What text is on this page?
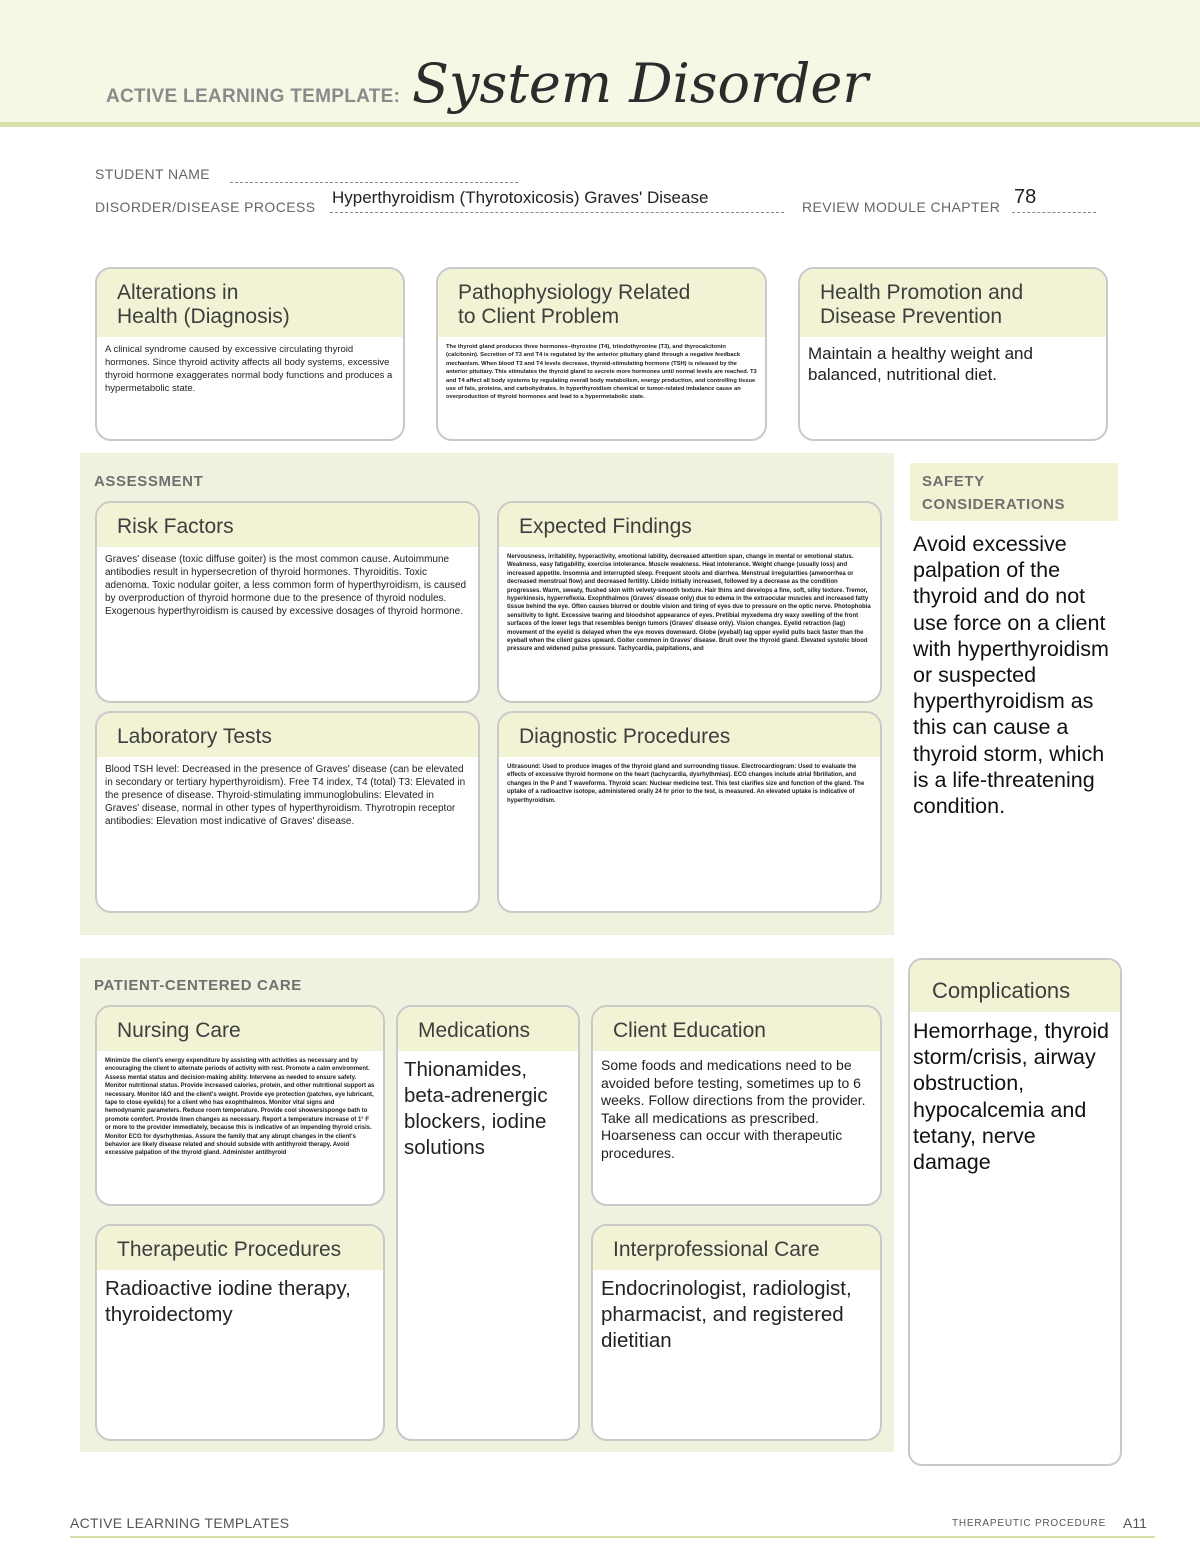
ACTIVE LEARNING TEMPLATE: System Disorder
STUDENT NAME
DISORDER/DISEASE PROCESS Hyperthyroidism (Thyrotoxicosis) Graves' Disease	REVIEW MODULE CHAPTER 78
Alterations in
Health (Diagnosis)
A clinical syndrome caused by excessive circulating thyroid hormones. Since thyroid activity affects all body systems, excessive thyroid hormone exaggerates normal body functions and produces a hypermetabolic state.
Pathophysiology Related
to Client Problem
The thyroid gland produces three hormones–thyroxine (T4), triiodothyronine (T3), and thyrocalcitonin (calcitonin). Secretion of T3 and T4 is regulated by the anterior pituitary gland through a negative feedback mechanism. When blood T3 and T4 levels decrease, thyroid-stimulating hormone (TSH) is released by the anterior pituitary. This stimulates the thyroid gland to secrete more hormones until normal levels are reached. T3 and T4 affect all body systems by regulating overall body metabolism, energy production, and controlling tissue use of fats, proteins, and carbohydrates. In hyperthyroidism chemical or tumor-related imbalance cause an overproduction of thyroid hormones and lead to a hypermetabolic state.
Health Promotion and
Disease Prevention
Maintain a healthy weight and balanced, nutritional diet.
ASSESSMENT
Risk Factors
Graves' disease (toxic diffuse goiter) is the most common cause. Autoimmune antibodies result in hypersecretion of thyroid hormones. Thyroiditis. Toxic adenoma. Toxic nodular goiter, a less common form of hyperthyroidism, is caused by overproduction of thyroid hormone due to the presence of thyroid nodules. Exogenous hyperthyroidism is caused by excessive dosages of thyroid hormone.
Expected Findings
Nervousness, irritability, hyperactivity, emotional lability, decreased attention span, change in mental or emotional status. Weakness, easy fatigability, exercise intolerance. Muscle weakness. Heat intolerance. Weight change (usually loss) and increased appetite. Insomnia and interrupted sleep. Frequent stools and diarrhea. Menstrual irregularities (amenorrhea or decreased menstrual flow) and decreased fertility. Libido initially increased, followed by a decrease as the condition progresses. Warm, sweaty, flushed skin with velvety-smooth texture. Hair thins and develops a fine, soft, silky texture. Tremor, hyperkinesis, hyperreflexia. Exophthalmos (Graves' disease only) due to edema in the extraocular muscles and increased fatty tissue behind the eye. Often causes blurred or double vision and tiring of eyes due to pressure on the optic nerve. Photophobia sensitivity to light. Excessive tearing and bloodshot appearance of eyes. Pretibial myxedema dry waxy swelling of the front surfaces of the lower legs that resembles benign tumors (Graves' disease only). Vision changes. Eyelid retraction (lag) movement of the eyelid is delayed when the eye moves downward. Globe (eyeball) lag upper eyelid pulls back faster than the eyeball when the client gazes upward. Goiter common in Graves' disease. Bruit over the thyroid gland. Elevated systolic blood pressure and widened pulse pressure. Tachycardia, palpitations, and
Laboratory Tests
Blood TSH level: Decreased in the presence of Graves' disease (can be elevated in secondary or tertiary hyperthyroidism). Free T4 index, T4 (total) T3: Elevated in the presence of disease. Thyroid-stimulating immunoglobulins: Elevated in Graves' disease, normal in other types of hyperthyroidism. Thyrotropin receptor antibodies: Elevation most indicative of Graves' disease.
Diagnostic Procedures
Ultrasound: Used to produce images of the thyroid gland and surrounding tissue. Electrocardiogram: Used to evaluate the effects of excessive thyroid hormone on the heart (tachycardia, dysrhythmias). ECG changes include atrial fibrillation, and changes in the P and T waveforms. Thyroid scan: Nuclear medicine test. This test clarifies size and function of the gland. The uptake of a radioactive isotope, administered orally 24 hr prior to the test, is measured. An elevated uptake is indicative of hyperthyroidism.
SAFETY
CONSIDERATIONS
Avoid excessive palpation of the thyroid and do not use force on a client with hyperthyroidism or suspected hyperthyroidism as this can cause a thyroid storm, which is a life-threatening condition.
PATIENT-CENTERED CARE
Nursing Care
Minimize the client's energy expenditure by assisting with activities as necessary and by encouraging the client to alternate periods of activity with rest. Promote a calm environment. Assess mental status and decision-making ability. Intervene as needed to ensure safety. Monitor nutritional status. Provide increased calories, protein, and other nutritional support as necessary. Monitor I&O and the client's weight. Provide eye protection (patches, eye lubricant, tape to close eyelids) for a client who has exophthalmos. Monitor vital signs and hemodynamic parameters. Reduce room temperature. Provide cool showers/sponge bath to promote comfort. Provide linen changes as necessary. Report a temperature increase of 1° F or more to the provider immediately, because this is indicative of an impending thyroid crisis. Monitor ECG for dysrhythmias. Assure the family that any abrupt changes in the client's behavior are likely disease related and should subside with antithyroid therapy. Avoid excessive palpation of the thyroid gland. Administer antithyroid
Medications
Thionamides, beta-adrenergic blockers, iodine solutions
Client Education
Some foods and medications need to be avoided before testing, sometimes up to 6 weeks. Follow directions from the provider. Take all medications as prescribed. Hoarseness can occur with therapeutic procedures.
Therapeutic Procedures
Radioactive iodine therapy, thyroidectomy
Interprofessional Care
Endocrinologist, radiologist, pharmacist, and registered dietitian
Complications
Hemorrhage, thyroid storm/crisis, airway obstruction, hypocalcemia and tetany, nerve damage
ACTIVE LEARNING TEMPLATES	THERAPEUTIC PROCEDURE A11
